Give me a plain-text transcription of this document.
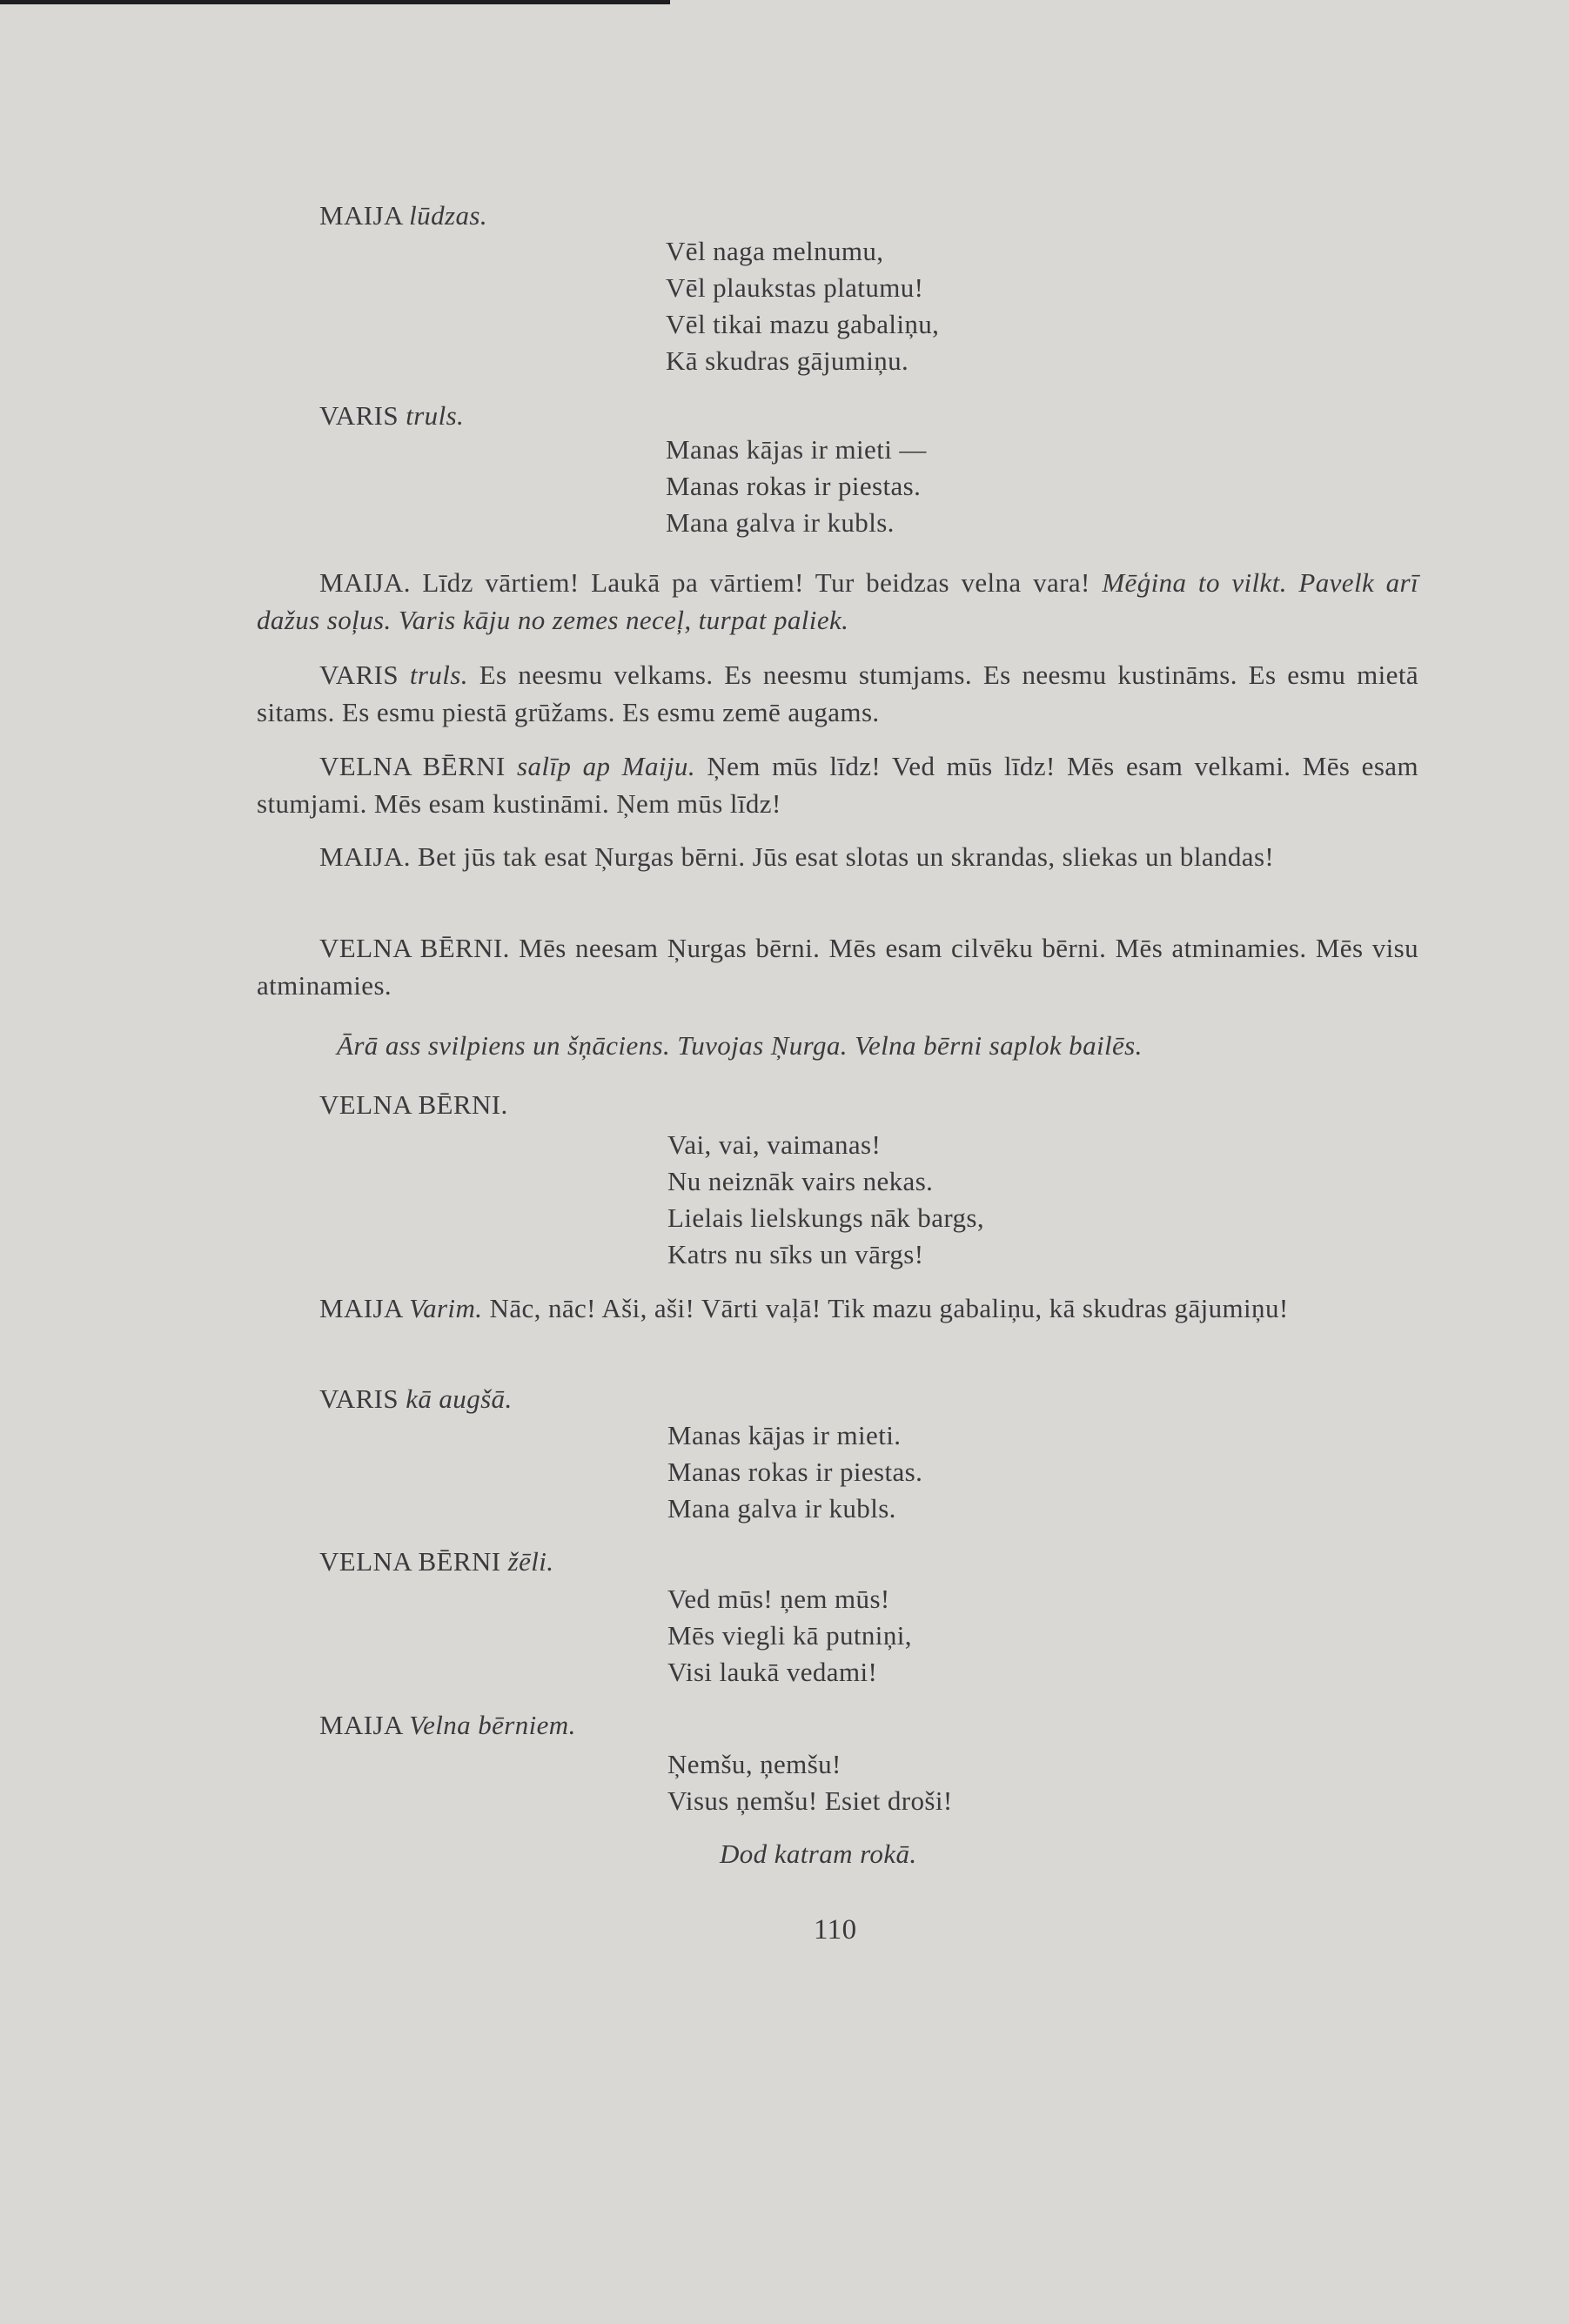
MAIJA lūdzas.
Vēl naga melnumu,
Vēl plaukstas platumu!
Vēl tikai mazu gabaliņu,
Kā skudras gājumiņu.
VARIS truls.
Manas kājas ir mieti —
Manas rokas ir piestas.
Mana galva ir kubls.
MAIJA. Līdz vārtiem! Laukā pa vārtiem! Tur beidzas velna vara! Mēģina to vilkt. Pavelk arī dažus soļus. Varis kāju no zemes neceļ, turpat paliek.
VARIS truls. Es neesmu velkams. Es neesmu stumjams. Es neesmu kustināms. Es esmu mietā sitams. Es esmu piestā grūžams. Es esmu zemē augams.
VELNA BĒRNI salīp ap Maiju. Ņem mūs līdz! Ved mūs līdz! Mēs esam velkami. Mēs esam stumjami. Mēs esam kustināmi. Ņem mūs līdz!
MAIJA. Bet jūs tak esat Ņurgas bērni. Jūs esat slotas un skrandas, sliekas un blandas!
VELNA BĒRNI. Mēs neesam Ņurgas bērni. Mēs esam cilvēku bērni. Mēs atminamies. Mēs visu atminamies.
Ārā ass svilpiens un šņāciens. Tuvojas Ņurga. Velna bērni saplok bailēs.
VELNA BĒRNI.
Vai, vai, vaimanas!
Nu neiznāk vairs nekas.
Lielais lielskungs nāk bargs,
Katrs nu sīks un vārgs!
MAIJA Varim. Nāc, nāc! Aši, aši! Vārti vaļā! Tik mazu gabaliņu, kā skudras gājumiņu!
VARIS kā augšā.
Manas kājas ir mieti.
Manas rokas ir piestas.
Mana galva ir kubls.
VELNA BĒRNI žēli.
Ved mūs! ņem mūs!
Mēs viegli kā putniņi,
Visi laukā vedami!
MAIJA Velna bērniem.
Ņemšu, ņemšu!
Visus ņemšu! Esiet droši!
Dod katram rokā.
110
